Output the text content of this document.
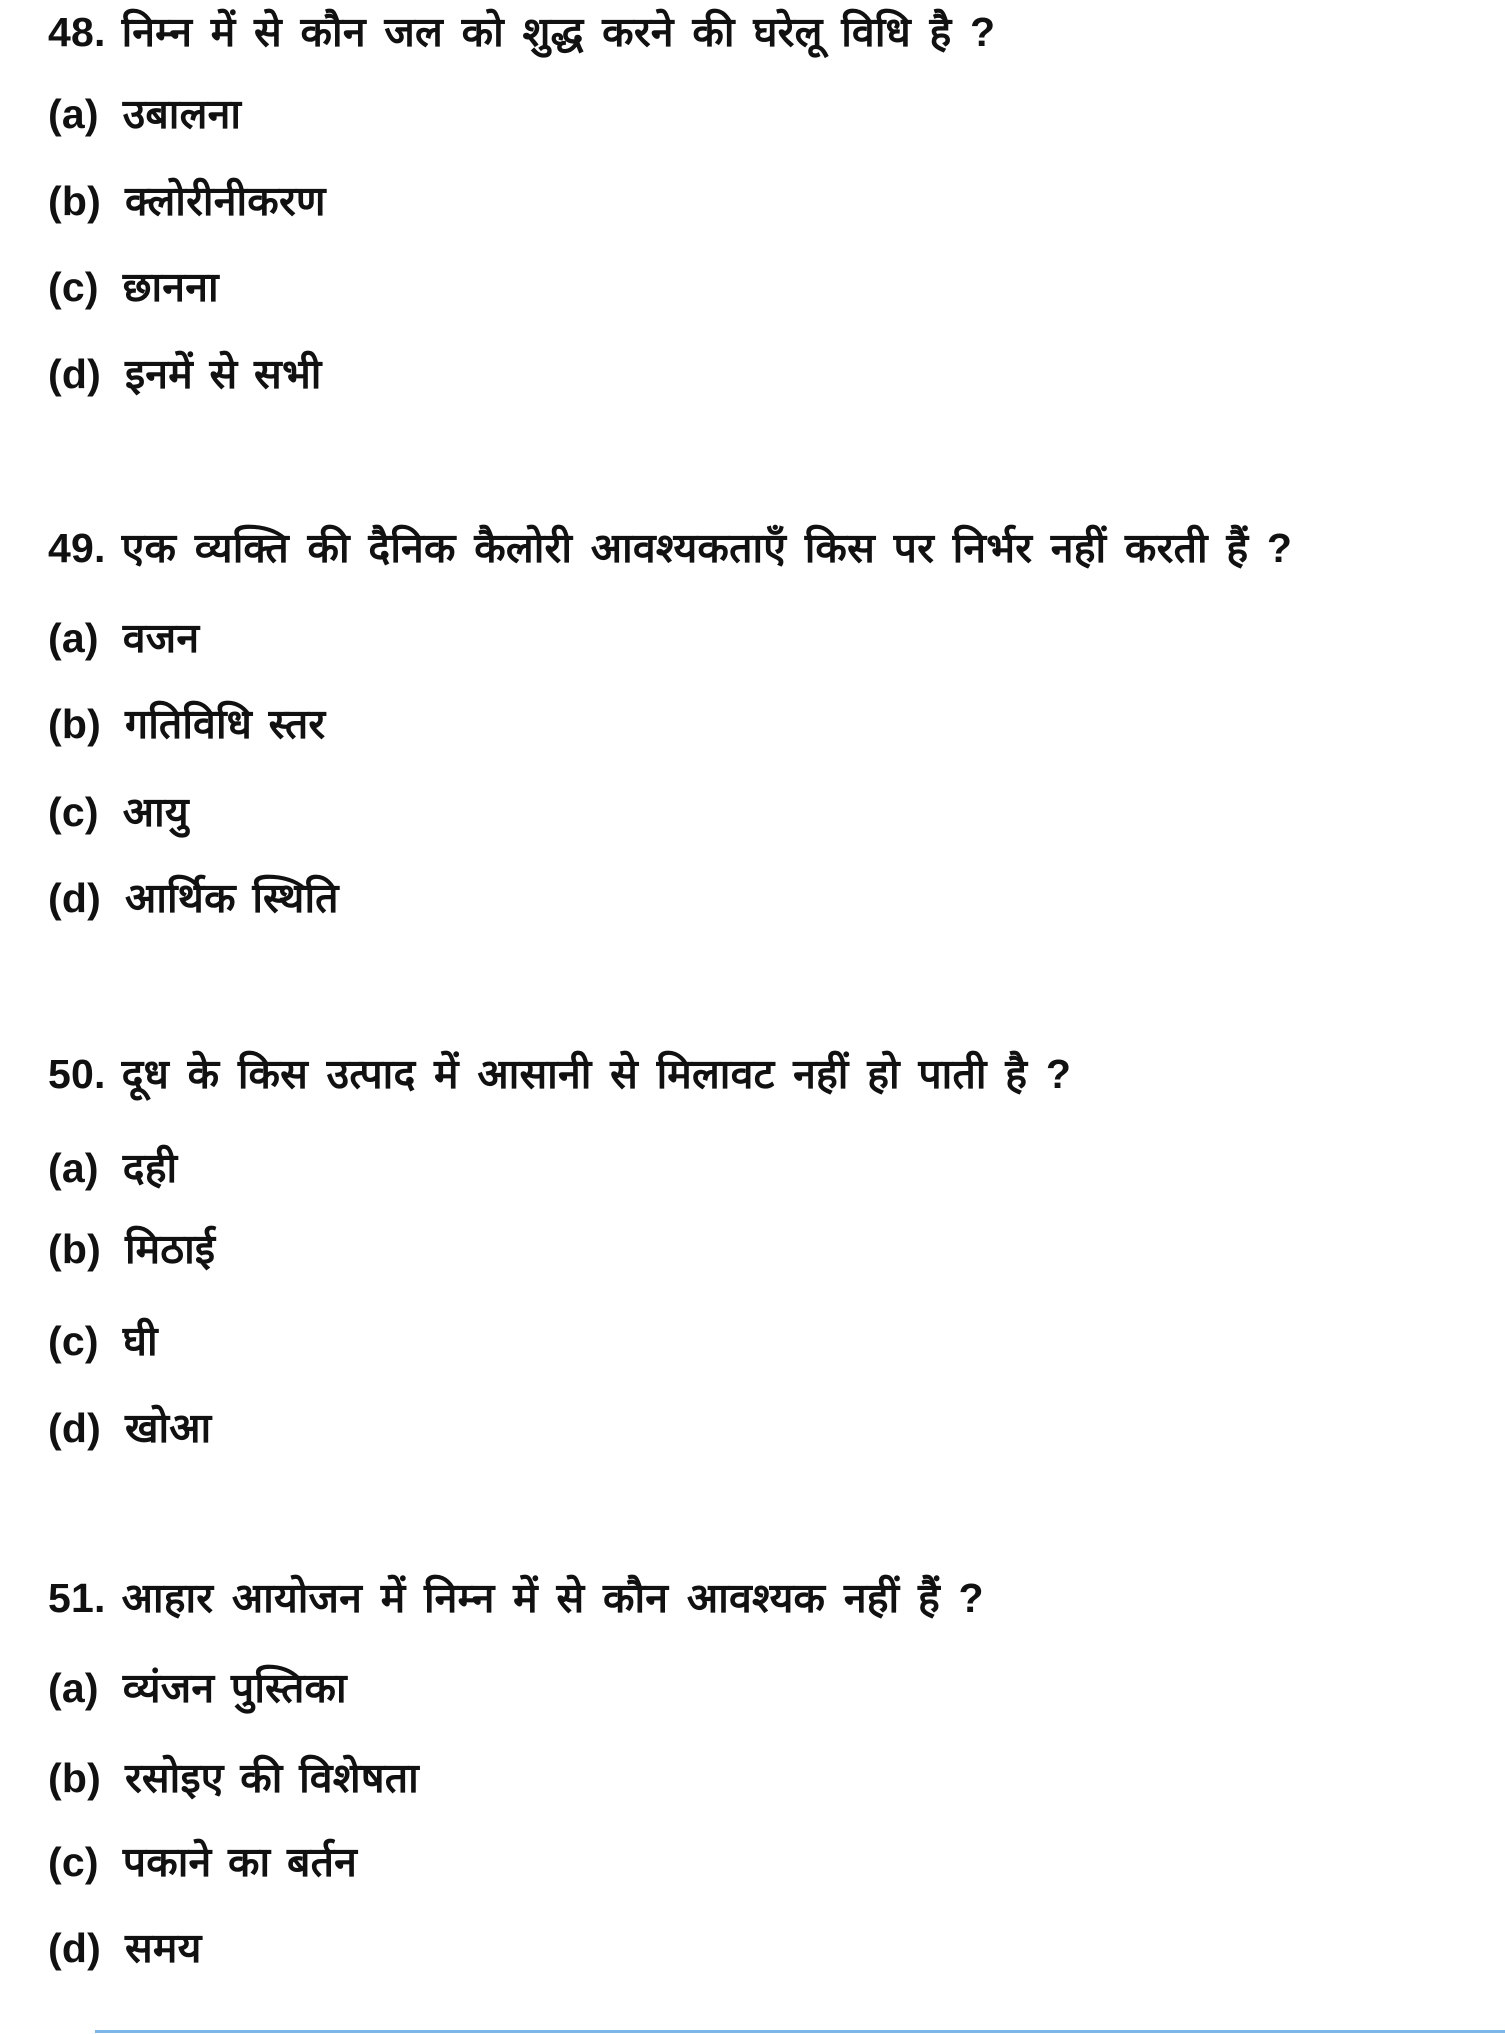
48. निम्न में से कौन जल को शुद्ध करने की घरेलू विधि है ?
(a) उबालना
(b) क्लोरीनीकरण
(c) छानना
(d) इनमें से सभी
49. एक व्यक्ति की दैनिक कैलोरी आवश्यकताएँ किस पर निर्भर नहीं करती हैं ?
(a) वजन
(b) गतिविधि स्तर
(c) आयु
(d) आर्थिक स्थिति
50. दूध के किस उत्पाद में आसानी से मिलावट नहीं हो पाती है ?
(a) दही
(b) मिठाई
(c) घी
(d) खोआ
51. आहार आयोजन में निम्न में से कौन आवश्यक नहीं हैं ?
(a) व्यंजन पुस्तिका
(b) रसोइए की विशेषता
(c) पकाने का बर्तन
(d) समय
